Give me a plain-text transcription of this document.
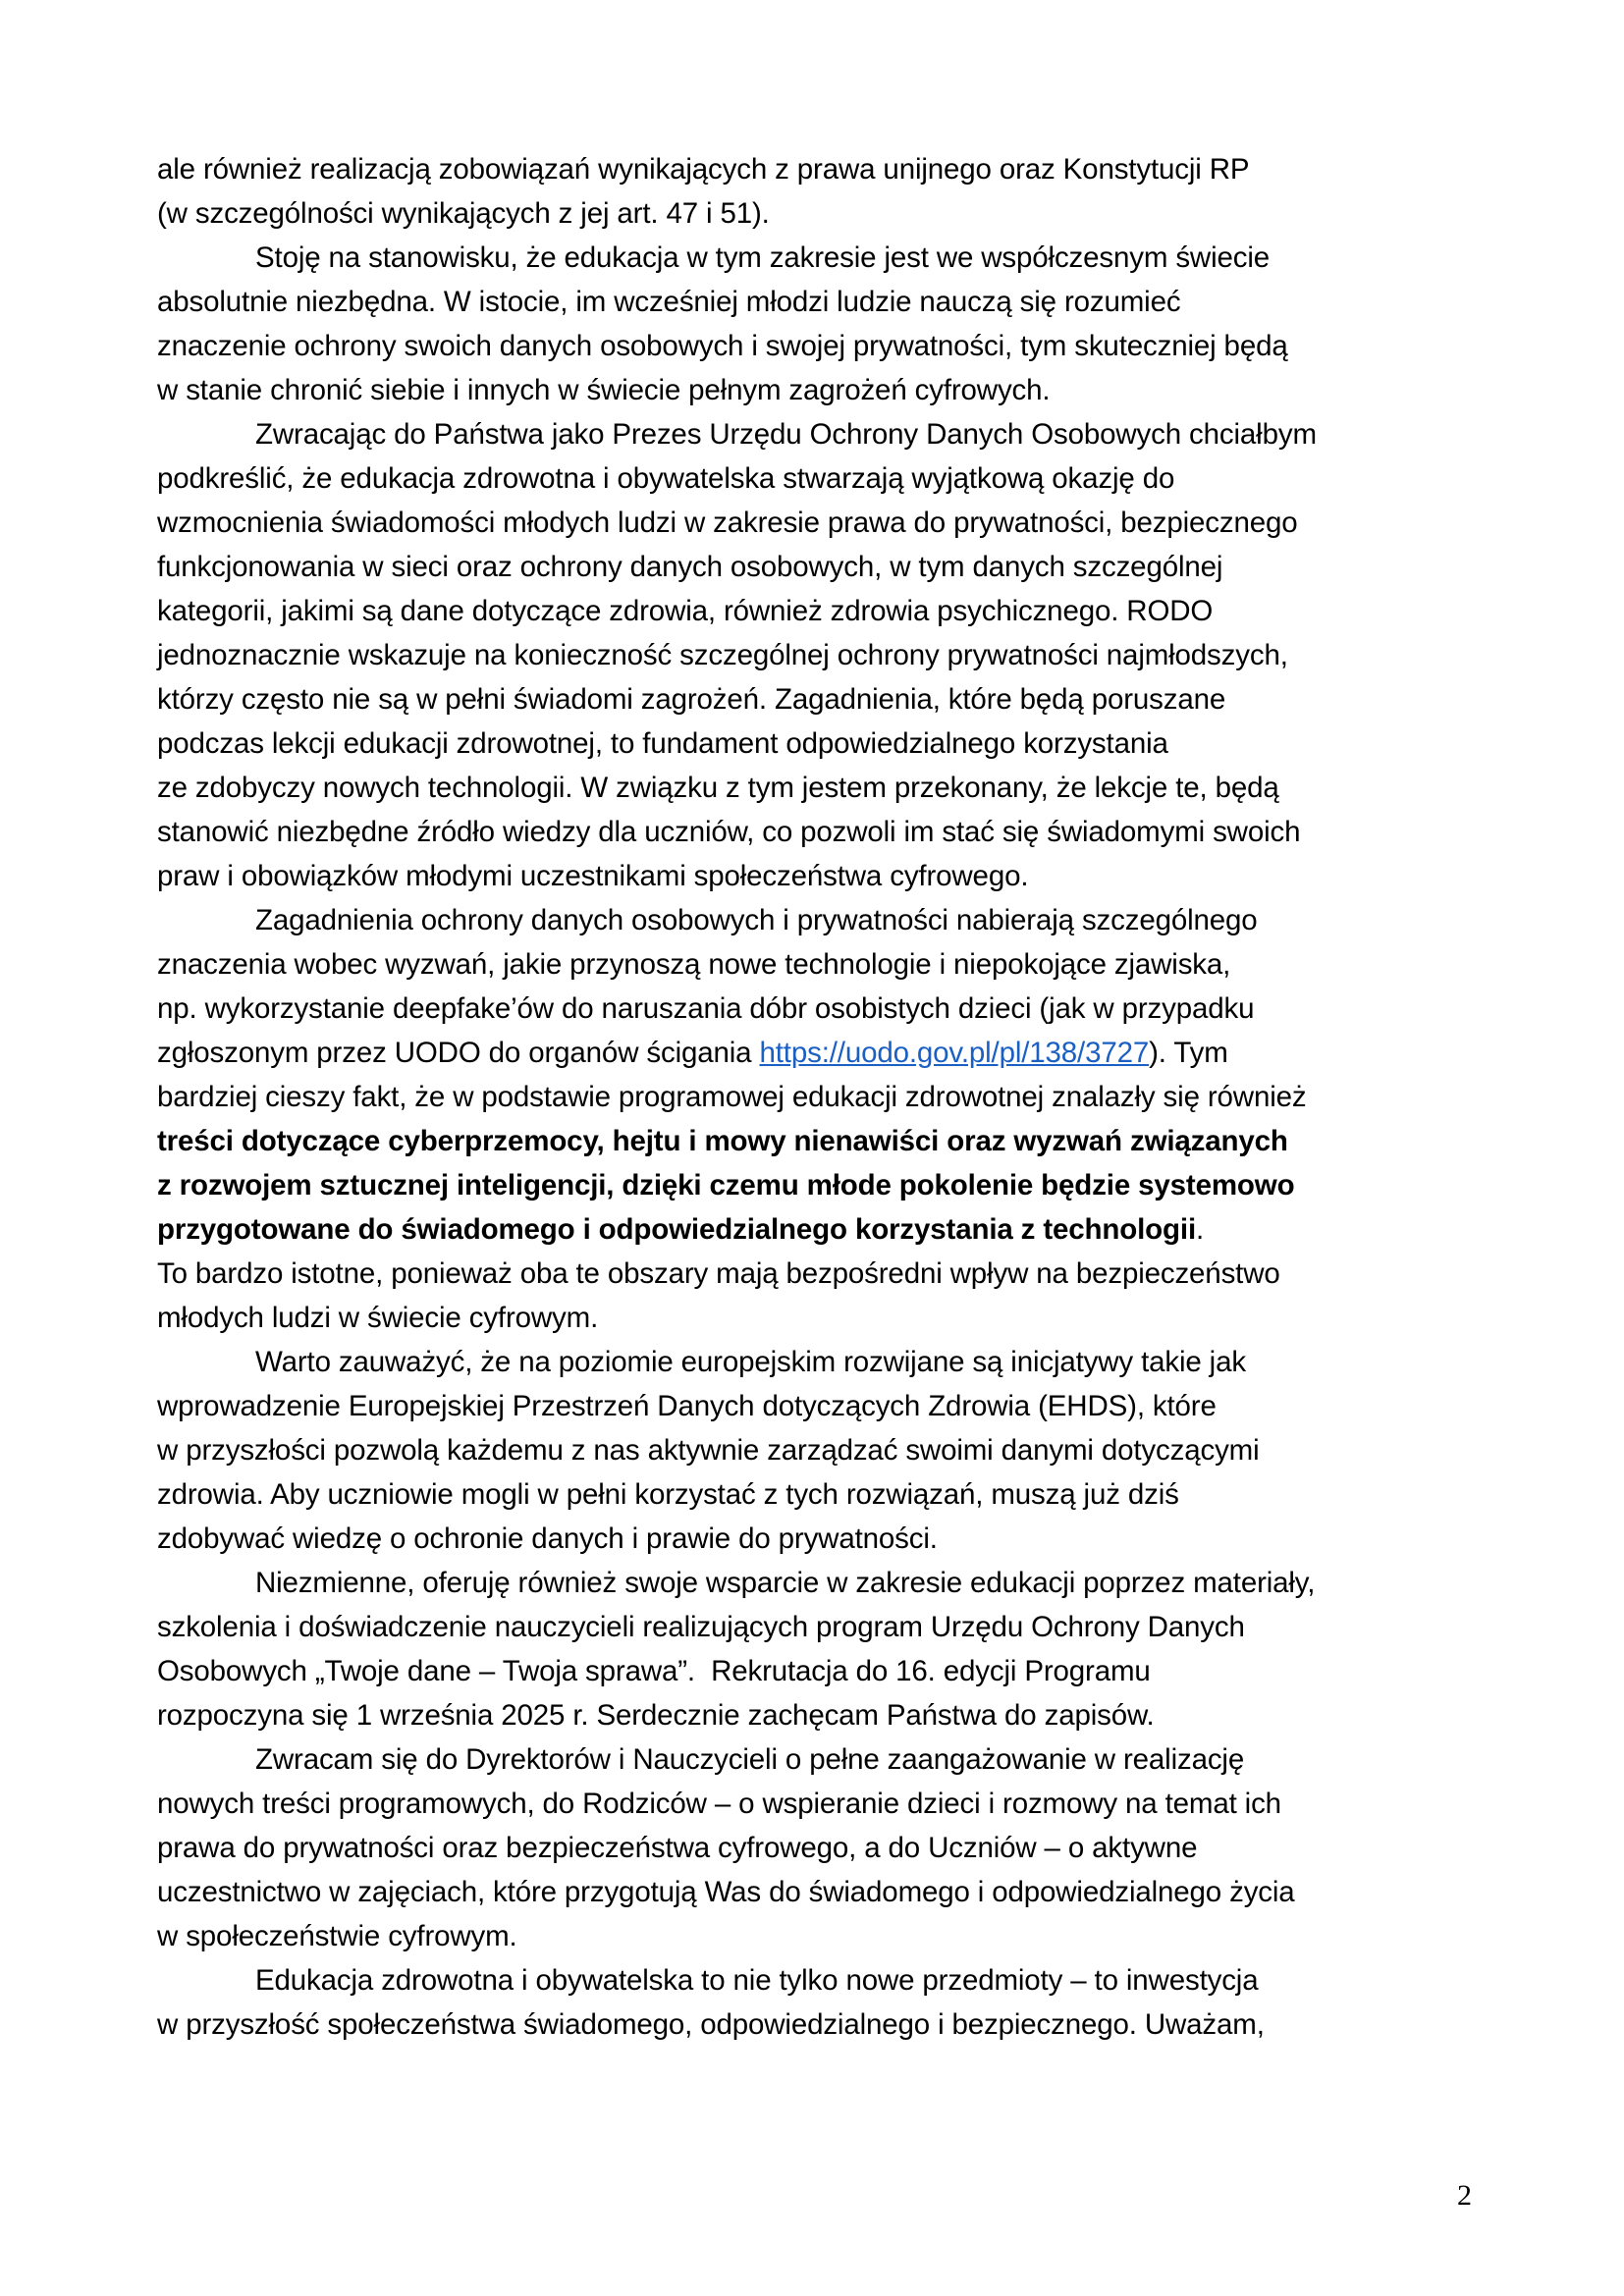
ale również realizacją zobowiązań wynikających z prawa unijnego oraz Konstytucji RP
(w szczególności wynikających z jej art. 47 i 51).
Stoję na stanowisku, że edukacja w tym zakresie jest we współczesnym świecie
absolutnie niezbędna. W istocie, im wcześniej młodzi ludzie nauczą się rozumieć
znaczenie ochrony swoich danych osobowych i swojej prywatności, tym skuteczniej będą
w stanie chronić siebie i innych w świecie pełnym zagrożeń cyfrowych.
Zwracając do Państwa jako Prezes Urzędu Ochrony Danych Osobowych chciałbym
podkreślić, że edukacja zdrowotna i obywatelska stwarzają wyjątkową okazję do
wzmocnienia świadomości młodych ludzi w zakresie prawa do prywatności, bezpiecznego
funkcjonowania w sieci oraz ochrony danych osobowych, w tym danych szczególnej
kategorii, jakimi są dane dotyczące zdrowia, również zdrowia psychicznego. RODO
jednoznacznie wskazuje na konieczność szczególnej ochrony prywatności najmłodszych,
którzy często nie są w pełni świadomi zagrożeń. Zagadnienia, które będą poruszane
podczas lekcji edukacji zdrowotnej, to fundament odpowiedzialnego korzystania
ze zdobyczy nowych technologii. W związku z tym jestem przekonany, że lekcje te, będą
stanowić niezbędne źródło wiedzy dla uczniów, co pozwoli im stać się świadomymi swoich
praw i obowiązków młodymi uczestnikami społeczeństwa cyfrowego.
Zagadnienia ochrony danych osobowych i prywatności nabierają szczególnego
znaczenia wobec wyzwań, jakie przynoszą nowe technologie i niepokojące zjawiska,
np. wykorzystanie deepfake’ów do naruszania dóbr osobistych dzieci (jak w przypadku
zgłoszonym przez UODO do organów ścigania https://uodo.gov.pl/pl/138/3727). Tym
bardziej cieszy fakt, że w podstawie programowej edukacji zdrowotnej znalazły się również
treści dotyczące cyberprzemocy, hejtu i mowy nienawiści oraz wyzwań związanych
z rozwojem sztucznej inteligencji, dzięki czemu młode pokolenie będzie systemowo
przygotowane do świadomego i odpowiedzialnego korzystania z technologii.
To bardzo istotne, ponieważ oba te obszary mają bezpośredni wpływ na bezpieczeństwo
młodych ludzi w świecie cyfrowym.
Warto zauważyć, że na poziomie europejskim rozwijane są inicjatywy takie jak
wprowadzenie Europejskiej Przestrzeń Danych dotyczących Zdrowia (EHDS), które
w przyszłości pozwolą każdemu z nas aktywnie zarządzać swoimi danymi dotyczącymi
zdrowia. Aby uczniowie mogli w pełni korzystać z tych rozwiązań, muszą już dziś
zdobywać wiedzę o ochronie danych i prawie do prywatności.
Niezmienne, oferuję również swoje wsparcie w zakresie edukacji poprzez materiały,
szkolenia i doświadczenie nauczycieli realizujących program Urzędu Ochrony Danych
Osobowych „Twoje dane – Twoja sprawa”.  Rekrutacja do 16. edycji Programu
rozpoczyna się 1 września 2025 r. Serdecznie zachęcam Państwa do zapisów.
Zwracam się do Dyrektorów i Nauczycieli o pełne zaangażowanie w realizację
nowych treści programowych, do Rodziców – o wspieranie dzieci i rozmowy na temat ich
prawa do prywatności oraz bezpieczeństwa cyfrowego, a do Uczniów – o aktywne
uczestnictwo w zajęciach, które przygotują Was do świadomego i odpowiedzialnego życia
w społeczeństwie cyfrowym.
Edukacja zdrowotna i obywatelska to nie tylko nowe przedmioty – to inwestycja
w przyszłość społeczeństwa świadomego, odpowiedzialnego i bezpiecznego. Uważam,
2
